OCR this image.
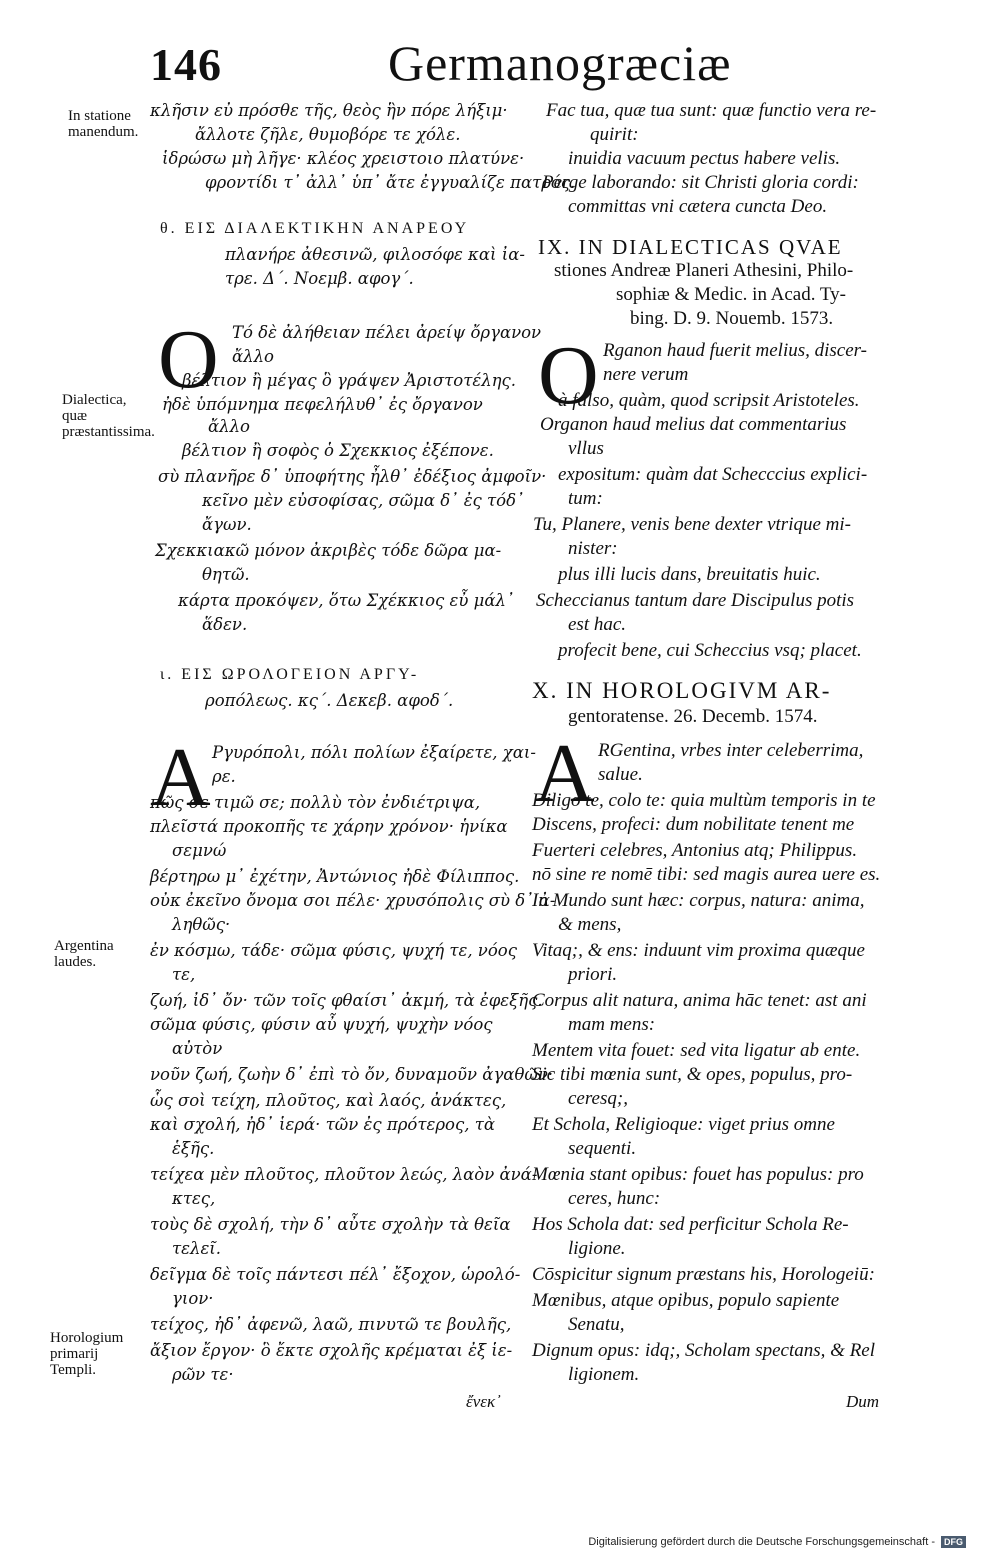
146	Germanogræciæ
In statione manendum.
Dialectica, quæ præstantissima.
Argentina laudes.
Horologium primarij Templi.
κλῆσιν εὐ πρόσθε τῆς, θεὸς ἣν πόρε λήξιμ·
ἄλλοτε ζῆλε, θυμοβόρε τε χόλε.
ἱδρώσω μὴ λῆγε· κλέος χρειστοιο πλατύνε·
φροντίδι τ᾽ ἀλλ᾽ ὑπ᾽ ἄτε ἐγγυαλίζε πατρός.
θ. ΕΙΣ ΔΙΑΛΕΚΤΙΚΗΝ ΑΝΑΡΕΟΥ
πλανήρε ἀθεσινῶ, φιλοσόφε καὶ ἰα-
τρε. Δ΄. Νοεμβ. αφογ΄.
O Τό δὲ ἀλήθειαν πέλει ἀρείψ ὄργανον
ἄλλο
βέλτιον ἢ μέγας ὃ γράψεν Ἀριστοτέλης.
ἠδὲ ὑπόμνημα πεφελήλυθ᾽ ἐς ὄργανον
ἄλλο
βέλτιον ἢ σοφὸς ὁ Σχεκκιος ἐξέπονε.
σὺ πλανῆρε δ᾽ ὑποφήτης ἦλθ᾽ ἐδέξιος ἀμφοῖν·
κεῖνο μὲν εὐσοφίσας, σῶμα δ᾽ ἐς τόδ᾽
ἄγων.
Σχεκκιακῶ μόνον ἀκριβὲς τόδε δῶρα μα-
θητῶ.
κάρτα προκόψεν, ὅτω Σχέκκιος εὖ μάλ᾽
ἅδεν.
ι. ΕΙΣ ΩΡΟΛΟΓΕΙΟΝ ΑΡΓΥ-
ροπόλεως. κς΄. Δεκεβ. αφοδ΄.
A Ργυρόπολι, πόλι πολίων ἐξαίρετε, χαι-
ρε.
πῶς σε τιμῶ σε; πολλὺ τὸν ἐνδιέτριψα,
πλεῖστά προκοπῆς τε χάρην χρόνον· ἡνίκα
σεμνώ
βέρτηρω μ᾽ ἐχέτην, Ἀντώνιος ἠδὲ Φίλιππος.
οὐκ ἐκεῖνο ὄνομα σοι πέλε· χρυσόπολις σὺ δ᾽ ἀ-
ληθῶς·
ἐν κόσμω, τάδε· σῶμα φύσις, ψυχή τε, νόος
τε,
ζωή, ἰδ᾽ ὄν· τῶν τοῖς φθαίσι᾽ ἀκμή, τὰ ἐφεξῆς.
σῶμα φύσις, φύσιν αὖ ψυχή, ψυχὴν νόος
αὐτὸν
νοῦν ζωή, ζωὴν δ᾽ ἐπὶ τὸ ὄν, δυναμοῦν ἀγαθῶν·
ὧς σοὶ τείχη, πλοῦτος, καὶ λαός, ἀνάκτες,
καὶ σχολή, ἠδ᾽ ἱερά· τῶν ἐς πρότερος, τὰ
ἑξῆς.
τείχεα μὲν πλοῦτος, πλοῦτον λεώς, λαὸν ἀνά-
κτες,
τοὺς δὲ σχολή, τὴν δ᾽ αὖτε σχολὴν τὰ θεῖα
τελεῖ.
δεῖγμα δὲ τοῖς πάντεσι πέλ᾽ ἔξοχον, ὡρολό-
γιον·
τείχος, ἠδ᾽ ἀφενῶ, λαῶ, πινυτῶ τε βουλῆς,
ἄξιον ἔργον· ὃ ἔκτε σχολῆς κρέμαται ἐξ ἱε-
ρῶν τε·
ἔνεκ᾽
Fac tua, quæ tua sunt: quæ functio vera re-
quirit:
inuidia vacuum pectus habere velis.
Perge laborando: sit Christi gloria cordi:
committas vni cætera cuncta Deo.
IX. IN DIALECTICAS QVAE
stiones Andreæ Planeri Athesini, Philo-
sophiæ & Medic. in Acad. Ty-
bing. D. 9. Nouemb. 1573.
O Rganon haud fuerit melius, discer-
nere verum
à falso, quàm, quod scripsit Aristoteles.
Organon haud melius dat commentarius
vllus
expositum: quàm dat Schecccius explici-
tum:
Tu, Planere, venis bene dexter vtrique mi-
nister:
plus illi lucis dans, breuitatis huic.
Scheccianus tantum dare Discipulus potis
est hac.
profecit bene, cui Scheccius vsq; placet.
X. IN HOROLOGIVM AR-
gentoratense. 26. Decemb. 1574.
A RGentina, vrbes inter celeberrima,
salue.
Diligo te, colo te: quia multùm temporis in te
Discens, profeci: dum nobilitate tenent me
Fuerteri celebres, Antonius atq; Philippus.
nō sine re nomē tibi: sed magis aurea uere es.
In Mundo sunt hæc: corpus, natura: anima,
& mens,
Vitaq;, & ens: induunt vim proxima quæque
priori.
Corpus alit natura, anima hāc tenet: ast ani
mam mens:
Mentem vita fouet: sed vita ligatur ab ente.
Sic tibi mœnia sunt, & opes, populus, pro-
ceresq;,
Et Schola, Religioque: viget prius omne
sequenti.
Mœnia stant opibus: fouet has populus: pro
ceres, hunc:
Hos Schola dat: sed perficitur Schola Re-
ligione.
Cōspicitur signum præstans his, Horologeiū:
Mœnibus, atque opibus, populo sapiente
Senatu,
Dignum opus: idq;, Scholam spectans, & Rel
ligionem.
Dum
Digitalisierung gefördert durch die Deutsche Forschungsgemeinschaft -	DFG
